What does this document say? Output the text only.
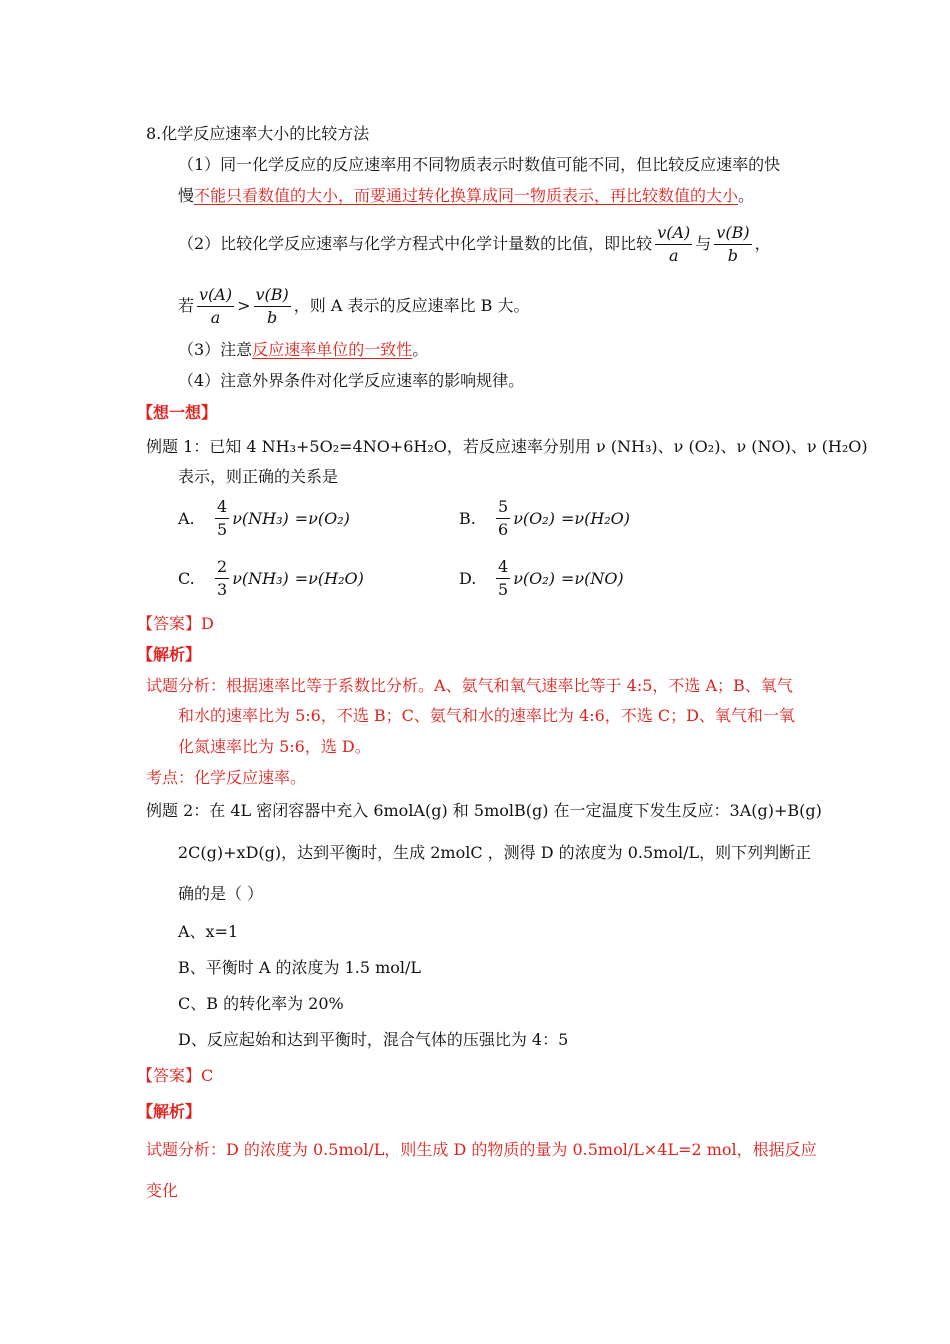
8.化学反应速率大小的比较方法
（1）同一化学反应的反应速率用不同物质表示时数值可能不同，但比较反应速率的快
慢不能只看数值的大小，而要通过转化换算成同一物质表示，再比较数值的大小。
（2）比较化学反应速率与化学方程式中化学计量数的比值，即比较 $\frac{v(A)}{a}$ 与 $\frac{v(B)}{b}$ ，
若 $\frac{v(A)}{a} > \frac{v(B)}{b}$ ，则 A 表示的反应速率比 B 大。
（3）注意反应速率单位的一致性。
（4）注意外界条件对化学反应速率的影响规律。
【想一想】
例题 1：已知 4 NH₃+5O₂=4NO+6H₂O，若反应速率分别用 ν (NH₃)、ν (O₂)、ν (NO)、ν (H₂O)
表示，则正确的关系是
A.	$\frac{4}{5} \nu(NH_3) =\nu(O_2)$	B.	$\frac{5}{6} \nu(O_2) =\nu(H_2O)$
C.	$\frac{2}{3} \nu(NH_3) =\nu(H_2O)$	D.	$\frac{4}{5} \nu(O_2) =\nu(NO)$
【答案】D
【解析】
试题分析：根据速率比等于系数比分析。A、氨气和氧气速率比等于 4:5，不选 A；B、氧气
和水的速率比为 5:6，不选 B；C、氨气和水的速率比为 4:6，不选 C；D、氧气和一氧
化氮速率比为 5:6，选 D。
考点：化学反应速率。
例题 2：在 4L 密闭容器中充入 6molA(g) 和 5molB(g) 在一定温度下发生反应：3A(g)+B(g)
2C(g)+xD(g)，达到平衡时，生成 2molC ，测得 D 的浓度为 0.5mol/L，则下列判断正
确的是（ ）
A、x=1
B、平衡时 A 的浓度为 1.5 mol/L
C、B 的转化率为 20%
D、反应起始和达到平衡时，混合气体的压强比为 4：5
【答案】C
【解析】
试题分析：D 的浓度为 0.5mol/L，则生成 D 的物质的量为 0.5mol/L×4L=2 mol，根据反应
变化
